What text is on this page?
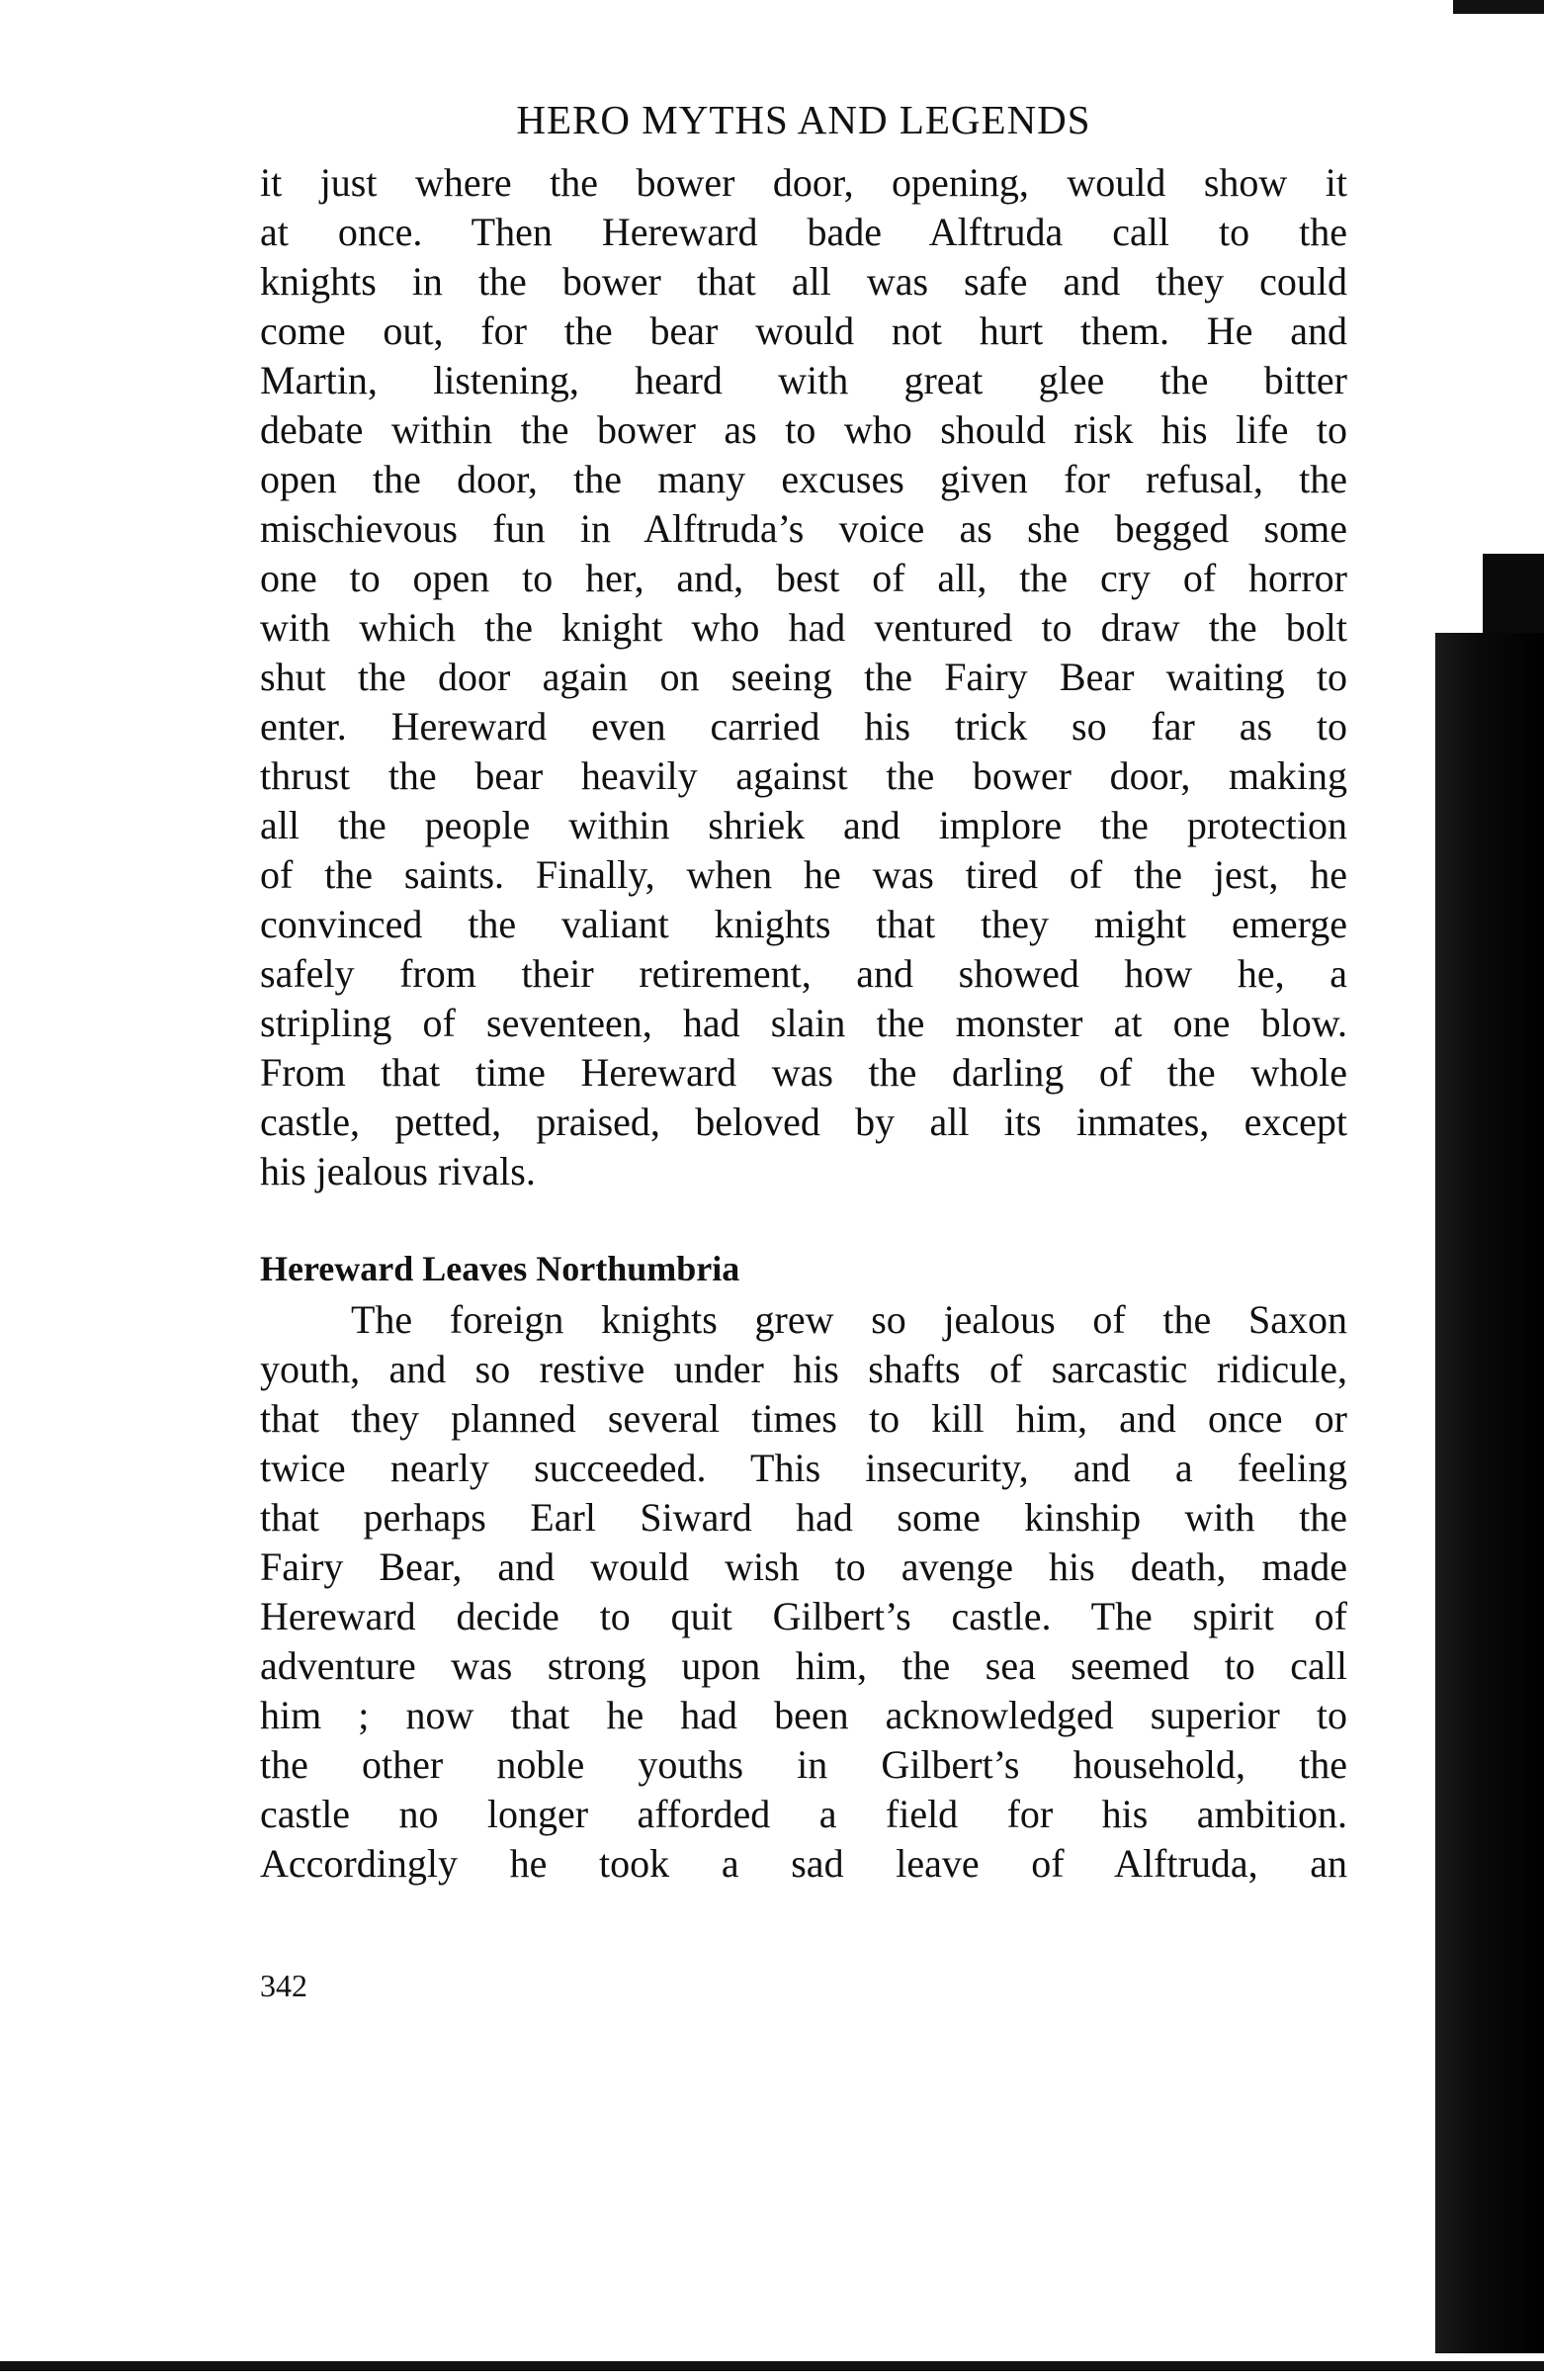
HERO MYTHS AND LEGENDS
it just where the bower door, opening, would show it
at once. Then Hereward bade Alftruda call to the
knights in the bower that all was safe and they could
come out, for the bear would not hurt them. He and
Martin, listening, heard with great glee the bitter
debate within the bower as to who should risk his life to
open the door, the many excuses given for refusal, the
mischievous fun in Alftruda’s voice as she begged some
one to open to her, and, best of all, the cry of horror
with which the knight who had ventured to draw the bolt
shut the door again on seeing the Fairy Bear waiting to
enter. Hereward even carried his trick so far as to
thrust the bear heavily against the bower door, making
all the people within shriek and implore the protection
of the saints. Finally, when he was tired of the jest, he
convinced the valiant knights that they might emerge
safely from their retirement, and showed how he, a
stripling of seventeen, had slain the monster at one blow.
From that time Hereward was the darling of the whole
castle, petted, praised, beloved by all its inmates, except
his jealous rivals.
Hereward Leaves Northumbria
The foreign knights grew so jealous of the Saxon
youth, and so restive under his shafts of sarcastic ridicule,
that they planned several times to kill him, and once or
twice nearly succeeded. This insecurity, and a feeling
that perhaps Earl Siward had some kinship with the
Fairy Bear, and would wish to avenge his death, made
Hereward decide to quit Gilbert’s castle. The spirit of
adventure was strong upon him, the sea seemed to call
him ; now that he had been acknowledged superior to
the other noble youths in Gilbert’s household, the
castle no longer afforded a field for his ambition.
Accordingly he took a sad leave of Alftruda, an
342
